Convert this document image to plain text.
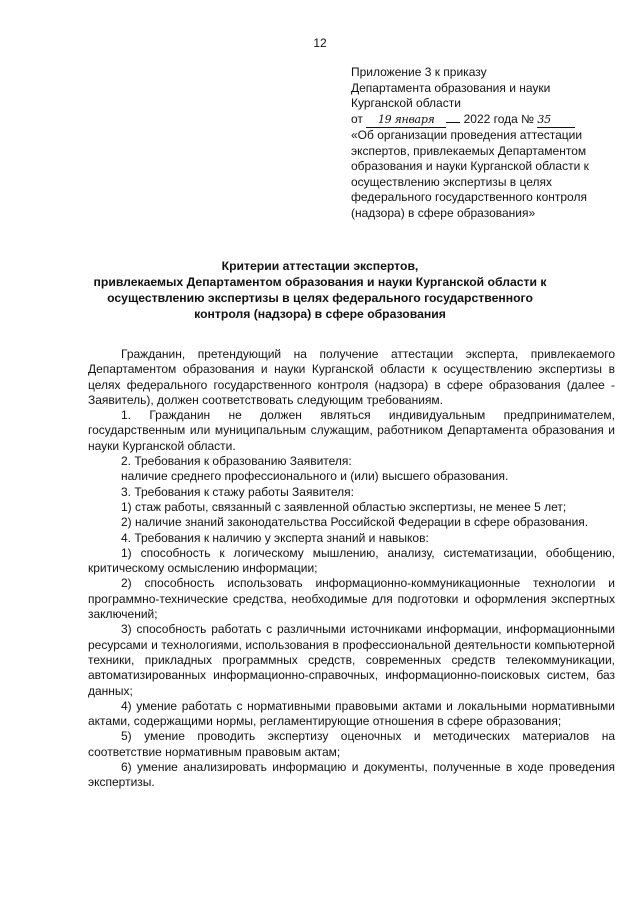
12
Приложение 3 к приказу
Департамента образования и науки
Курганской области
от 19 января 2022 года № 35
«Об организации проведения аттестации экспертов, привлекаемых Департаментом образования и науки Курганской области к осуществлению экспертизы в целях федерального государственного контроля (надзора) в сфере образования»
Критерии аттестации экспертов,
привлекаемых Департаментом образования и науки Курганской области к осуществлению экспертизы в целях федерального государственного контроля (надзора) в сфере образования

Гражданин, претендующий на получение аттестации эксперта, привлекаемого Департаментом образования и науки Курганской области к осуществлению экспертизы в целях федерального государственного контроля (надзора) в сфере образования (далее - Заявитель), должен соответствовать следующим требованиям.

1. Гражданин не должен являться индивидуальным предпринимателем, государственным или муниципальным служащим, работником Департамента образования и науки Курганской области.

2. Требования к образованию Заявителя:

наличие среднего профессионального и (или) высшего образования.

3. Требования к стажу работы Заявителя:

1) стаж работы, связанный с заявленной областью экспертизы, не менее 5 лет;

2) наличие знаний законодательства Российской Федерации в сфере образования.

4. Требования к наличию у эксперта знаний и навыков:

1) способность к логическому мышлению, анализу, систематизации, обобщению, критическому осмыслению информации;

2) способность использовать информационно-коммуникационные технологии и программно-технические средства, необходимые для подготовки и оформления экспертных заключений;

3) способность работать с различными источниками информации, информационными ресурсами и технологиями, использования в профессиональной деятельности компьютерной техники, прикладных программных средств, современных средств телекоммуникации, автоматизированных информационно-справочных, информационно-поисковых систем, баз данных;

4) умение работать с нормативными правовыми актами и локальными нормативными актами, содержащими нормы, регламентирующие отношения в сфере образования;

5) умение проводить экспертизу оценочных и методических материалов на соответствие нормативным правовым актам;

6) умение анализировать информацию и документы, полученные в ходе проведения экспертизы.
